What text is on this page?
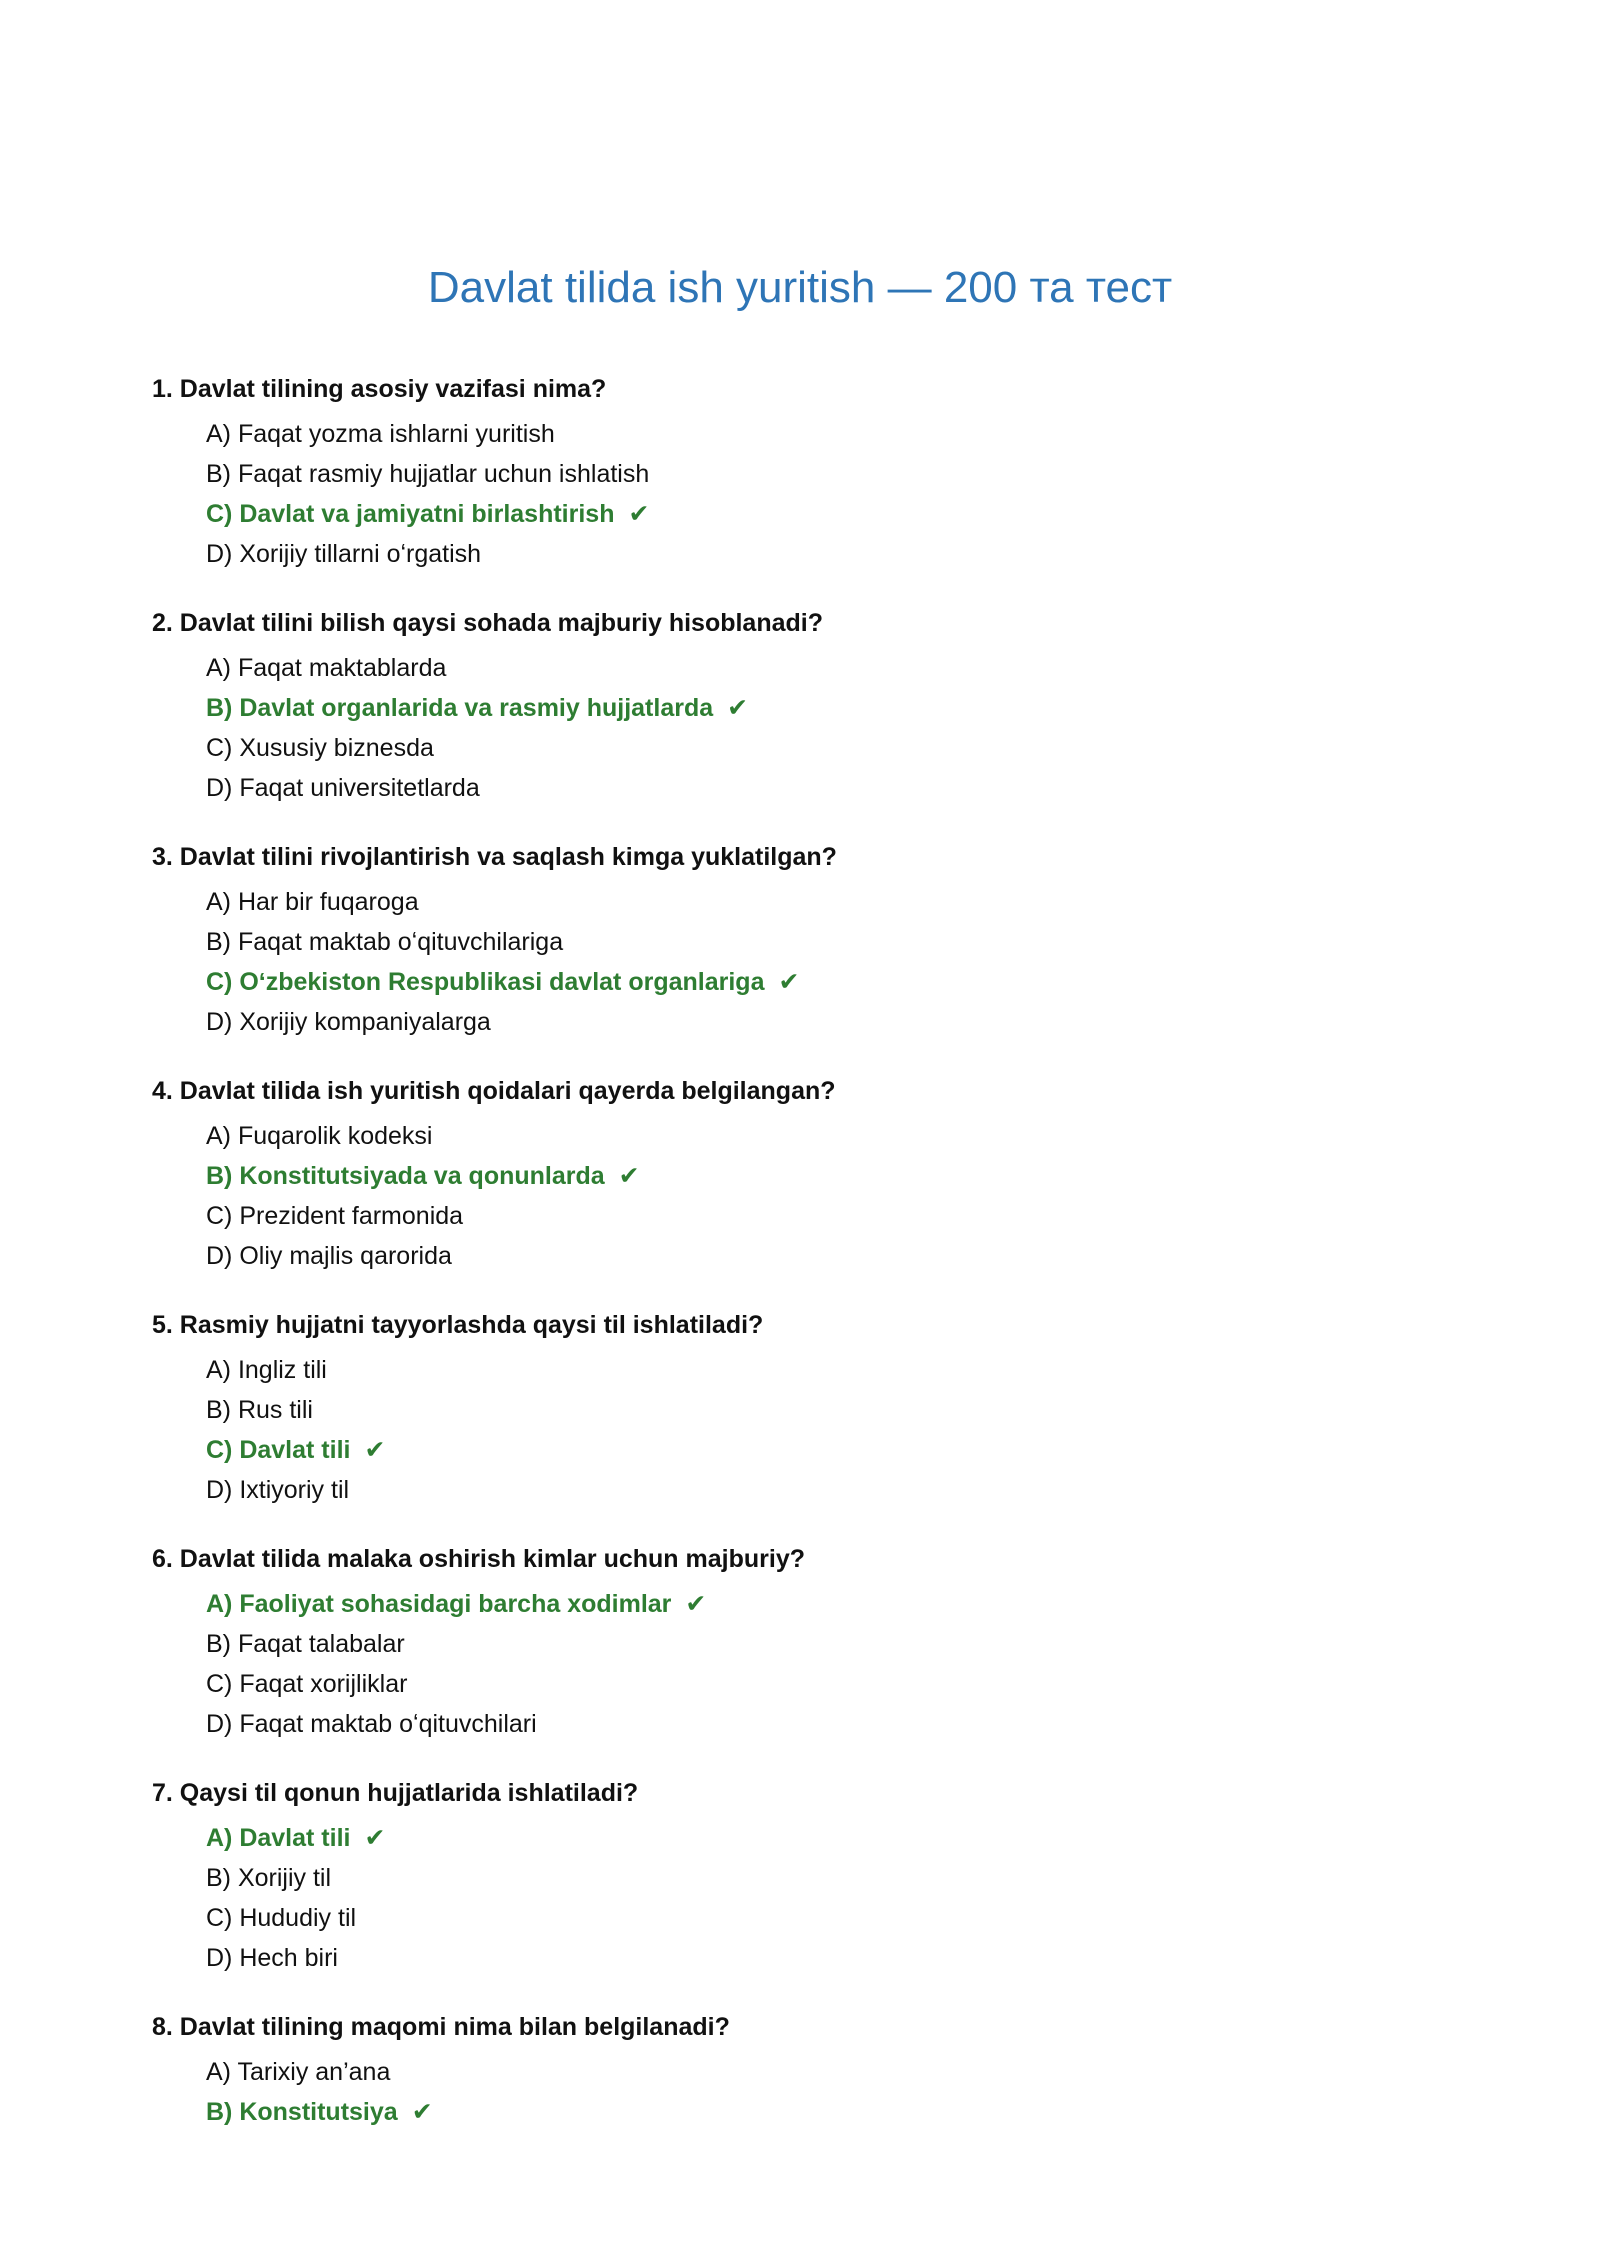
Davlat tilida ish yuritish — 200 та тест

1. Davlat tilining asosiy vazifasi nima?

A) Faqat yozma ishlarni yuritish
B) Faqat rasmiy hujjatlar uchun ishlatish
C) Davlat va jamiyatni birlashtirish ✔
D) Xorijiy tillarni oʻrgatish

2. Davlat tilini bilish qaysi sohada majburiy hisoblanadi?

A) Faqat maktablarda
B) Davlat organlarida va rasmiy hujjatlarda ✔
C) Xususiy biznesda
D) Faqat universitetlarda

3. Davlat tilini rivojlantirish va saqlash kimga yuklatilgan?

A) Har bir fuqaroga
B) Faqat maktab oʻqituvchilariga
C) Oʻzbekiston Respublikasi davlat organlariga ✔
D) Xorijiy kompaniyalarga

4. Davlat tilida ish yuritish qoidalari qayerda belgilangan?

A) Fuqarolik kodeksi
B) Konstitutsiyada va qonunlarda ✔
C) Prezident farmonida
D) Oliy majlis qarorida

5. Rasmiy hujjatni tayyorlashda qaysi til ishlatiladi?

A) Ingliz tili
B) Rus tili
C) Davlat tili ✔
D) Ixtiyoriy til

6. Davlat tilida malaka oshirish kimlar uchun majburiy?

A) Faoliyat sohasidagi barcha xodimlar ✔
B) Faqat talabalar
C) Faqat xorijliklar
D) Faqat maktab oʻqituvchilari

7. Qaysi til qonun hujjatlarida ishlatiladi?

A) Davlat tili ✔
B) Xorijiy til
C) Hududiy til
D) Hech biri

8. Davlat tilining maqomi nima bilan belgilanadi?

A) Tarixiy an’ana
B) Konstitutsiya ✔
